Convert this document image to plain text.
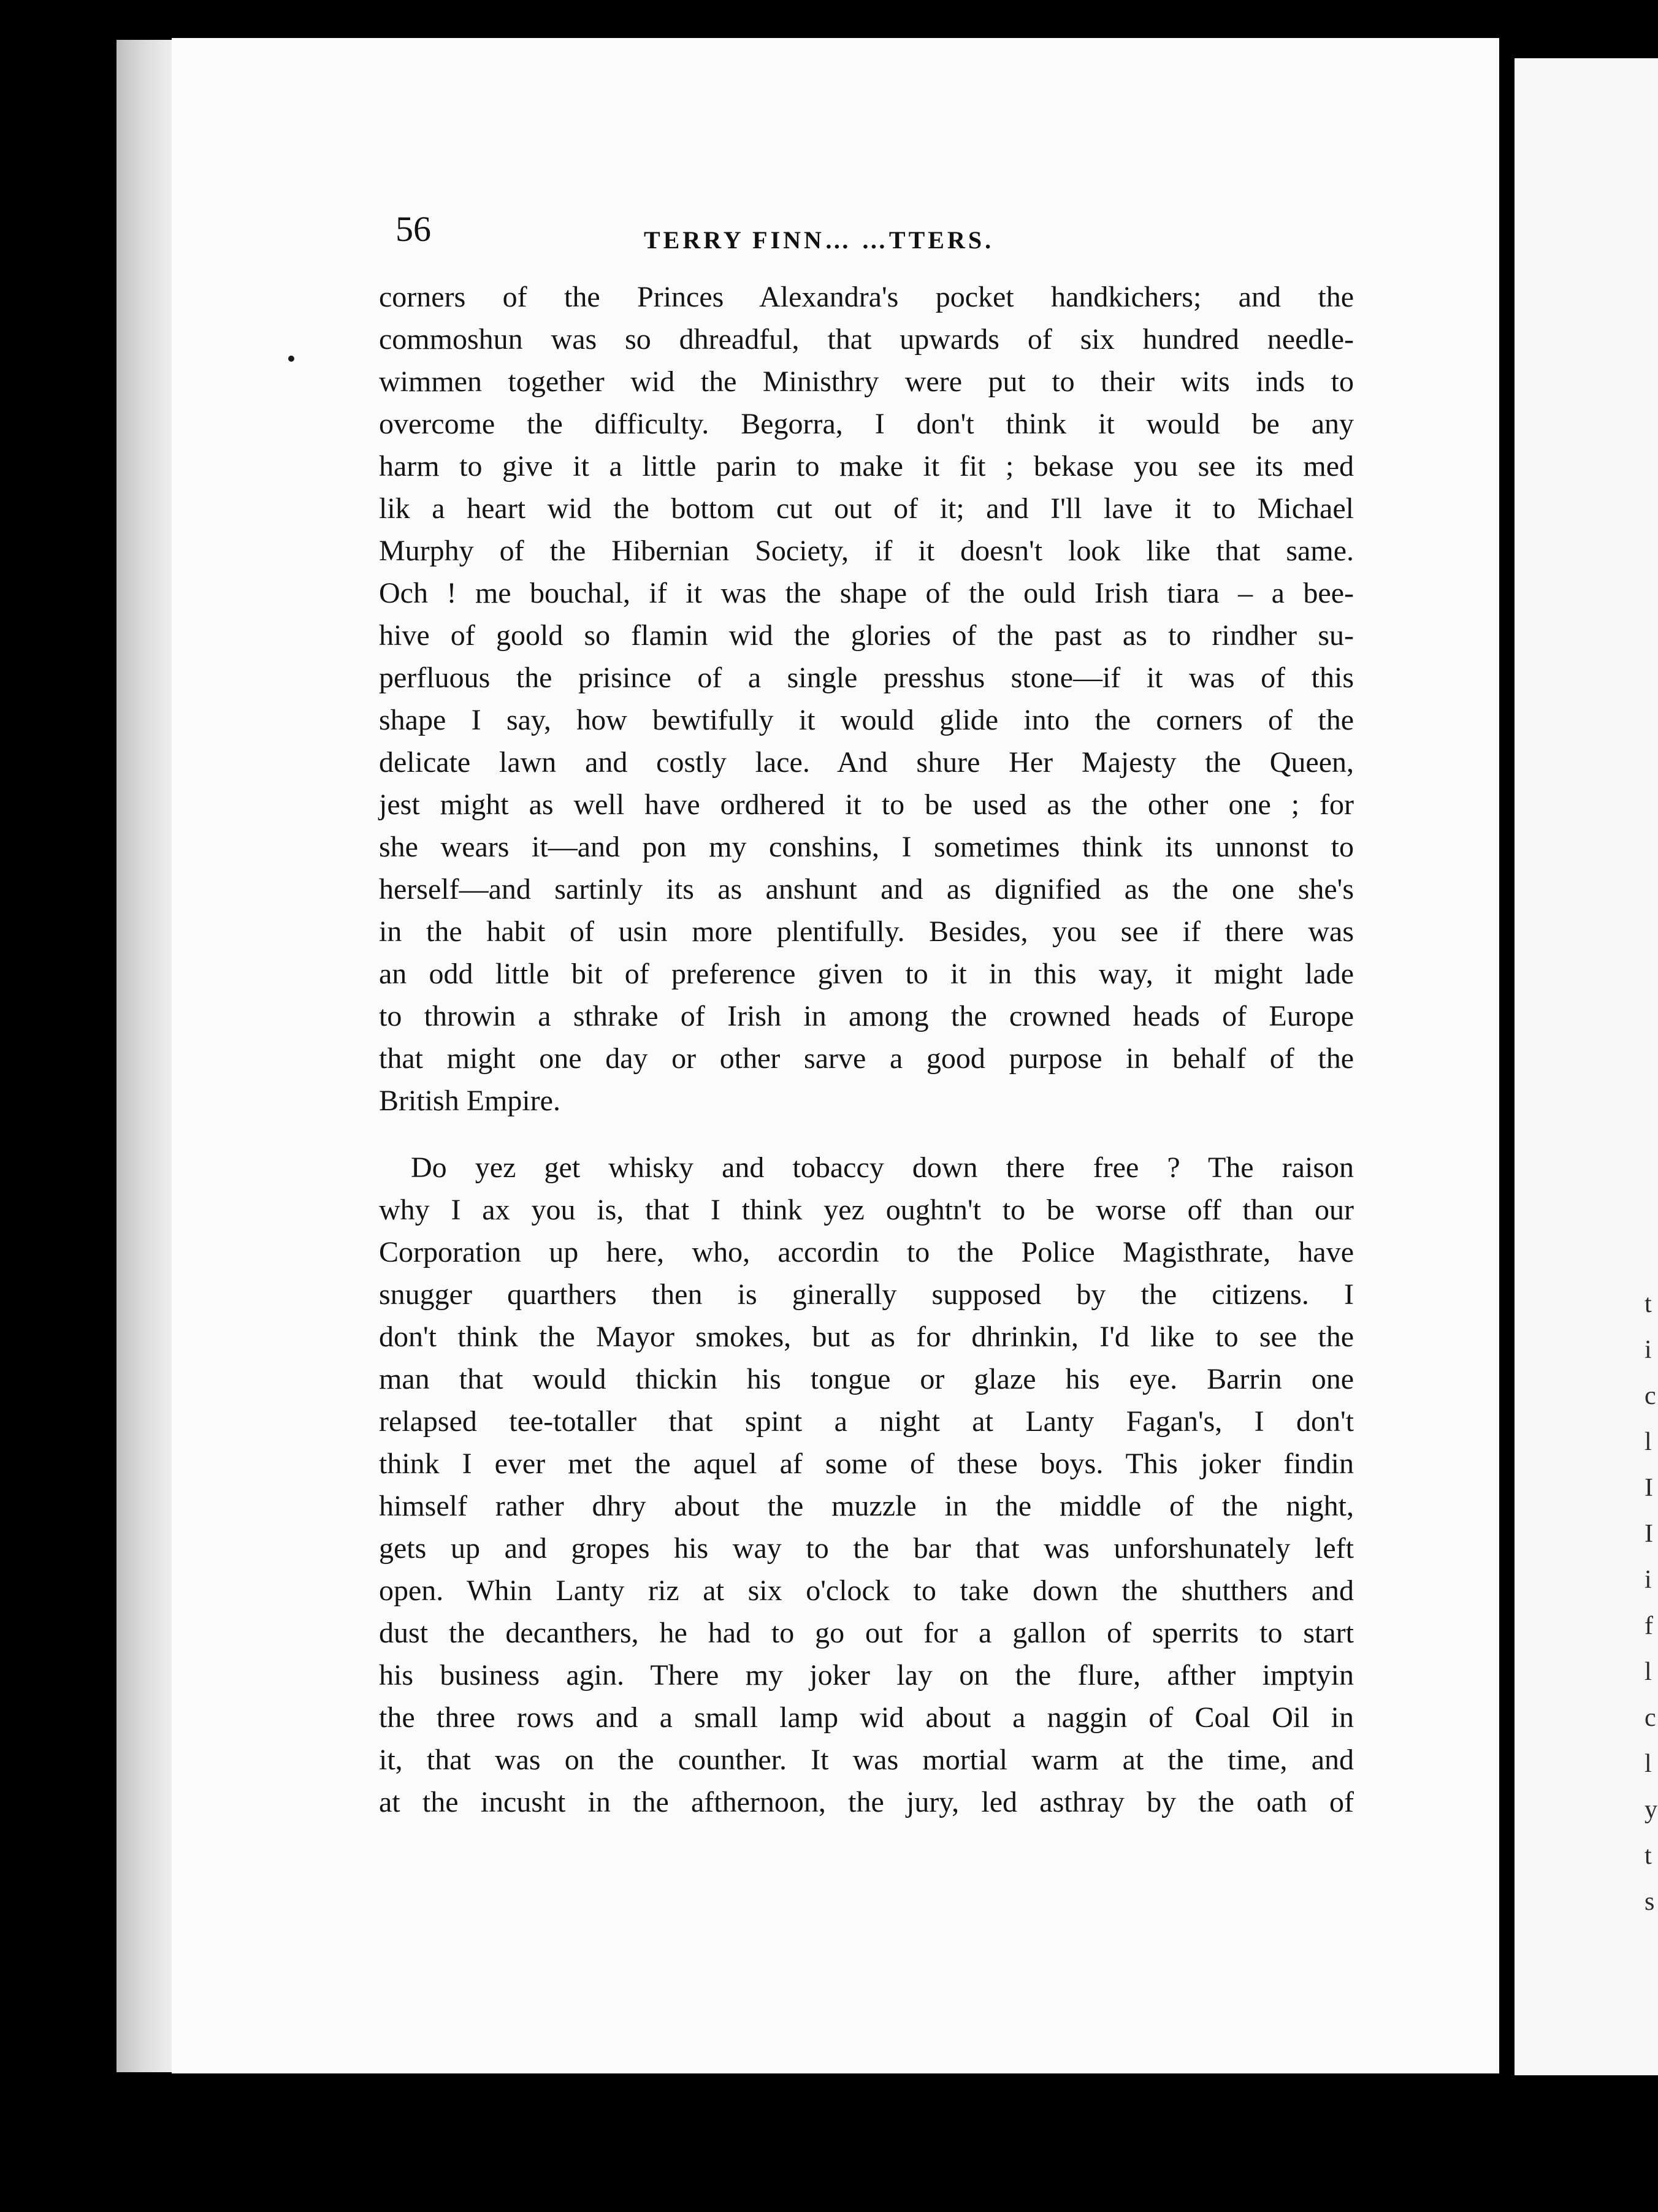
56	TERRY FINN… …TTERS.
corners of the Princes Alexandra's pocket handkichers; and the
commoshun was so dhreadful, that upwards of six hundred needle-
wimmen together wid the Ministhry were put to their wits inds to
overcome the difficulty. Begorra, I don't think it would be any
harm to give it a little parin to make it fit ; bekase you see its med
lik a heart wid the bottom cut out of it; and I'll lave it to Michael
Murphy of the Hibernian Society, if it doesn't look like that same.
Och ! me bouchal, if it was the shape of the ould Irish tiara – a bee-
hive of goold so flamin wid the glories of the past as to rindher su-
perfluous the prisince of a single presshus stone—if it was of this
shape I say, how bewtifully it would glide into the corners of the
delicate lawn and costly lace. And shure Her Majesty the Queen,
jest might as well have ordhered it to be used as the other one ; for
she wears it—and pon my conshins, I sometimes think its unnonst to
herself—and sartinly its as anshunt and as dignified as the one she's
in the habit of usin more plentifully. Besides, you see if there was
an odd little bit of preference given to it in this way, it might lade
to throwin a sthrake of Irish in among the crowned heads of Europe
that might one day or other sarve a good purpose in behalf of the
British Empire.
Do yez get whisky and tobaccy down there free ? The raison
why I ax you is, that I think yez oughtn't to be worse off than our
Corporation up here, who, accordin to the Police Magisthrate, have
snugger quarthers then is ginerally supposed by the citizens. I
don't think the Mayor smokes, but as for dhrinkin, I'd like to see the
man that would thickin his tongue or glaze his eye. Barrin one
relapsed tee-totaller that spint a night at Lanty Fagan's, I don't
think I ever met the aquel af some of these boys. This joker findin
himself rather dhry about the muzzle in the middle of the night,
gets up and gropes his way to the bar that was unforshunately left
open. Whin Lanty riz at six o'clock to take down the shutthers and
dust the decanthers, he had to go out for a gallon of sperrits to start
his business agin. There my joker lay on the flure, afther imptyin
the three rows and a small lamp wid about a naggin of Coal Oil in
it, that was on the counther. It was mortial warm at the time, and
at the incusht in the afthernoon, the jury, led asthray by the oath of
t
i
c
l
I
I
i
f
l
c
l
y
t
s
